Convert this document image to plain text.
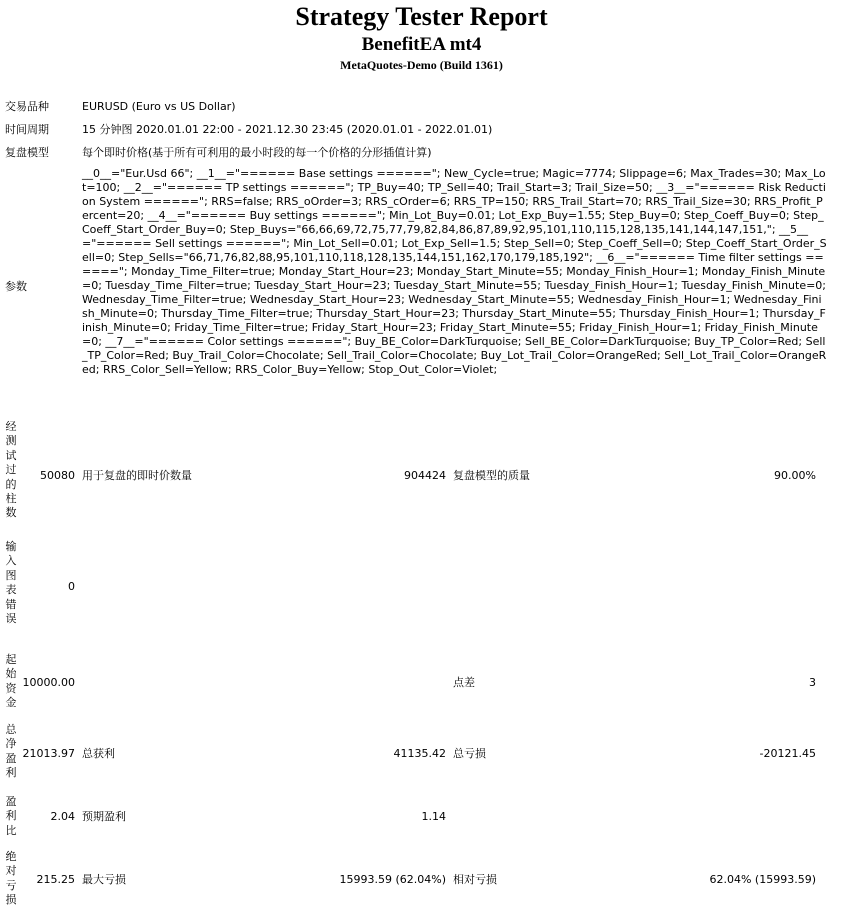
Strategy Tester Report
BenefitEA mt4
MetaQuotes-Demo (Build 1361)
交易品种	EURUSD (Euro vs US Dollar)
时间周期	15 分钟图 2020.01.01 22:00 - 2021.12.30 23:45 (2020.01.01 - 2022.01.01)
复盘模型	每个即时价格(基于所有可利用的最小时段的每一个价格的分形插值计算)
参数
__0__="Eur.Usd 66"; __1__="====== Base settings ======"; New_Cycle=true; Magic=7774; Slippage=6; Max_Trades=30; Max_Lot=100; __2__="====== TP settings ======"; TP_Buy=40; TP_Sell=40; Trail_Start=3; Trail_Size=50; __3__="====== Risk Reduction System ======"; RRS=false; RRS_oOrder=3; RRS_cOrder=6; RRS_TP=150; RRS_Trail_Start=70; RRS_Trail_Size=30; RRS_Profit_Percent=20; __4__="====== Buy settings ======"; Min_Lot_Buy=0.01; Lot_Exp_Buy=1.55; Step_Buy=0; Step_Coeff_Buy=0; Step_Coeff_Start_Order_Buy=0; Step_Buys="66,66,69,72,75,77,79,82,84,86,87,89,92,95,101,110,115,128,135,141,144,147,151,"; __5__="====== Sell settings ======"; Min_Lot_Sell=0.01; Lot_Exp_Sell=1.5; Step_Sell=0; Step_Coeff_Sell=0; Step_Coeff_Start_Order_Sell=0; Step_Sells="66,71,76,82,88,95,101,110,118,128,135,144,151,162,170,179,185,192"; __6__="====== Time filter settings ======"; Monday_Time_Filter=true; Monday_Start_Hour=23; Monday_Start_Minute=55; Monday_Finish_Hour=1; Monday_Finish_Minute=0; Tuesday_Time_Filter=true; Tuesday_Start_Hour=23; Tuesday_Start_Minute=55; Tuesday_Finish_Hour=1; Tuesday_Finish_Minute=0; Wednesday_Time_Filter=true; Wednesday_Start_Hour=23; Wednesday_Start_Minute=55; Wednesday_Finish_Hour=1; Wednesday_Finish_Minute=0; Thursday_Time_Filter=true; Thursday_Start_Hour=23; Thursday_Start_Minute=55; Thursday_Finish_Hour=1; Thursday_Finish_Minute=0; Friday_Time_Filter=true; Friday_Start_Hour=23; Friday_Start_Minute=55; Friday_Finish_Hour=1; Friday_Finish_Minute=0; __7__="====== Color settings ======"; Buy_BE_Color=DarkTurquoise; Sell_BE_Color=DarkTurquoise; Buy_TP_Color=Red; Sell_TP_Color=Red; Buy_Trail_Color=Chocolate; Sell_Trail_Color=Chocolate; Buy_Lot_Trail_Color=OrangeRed; Sell_Lot_Trail_Color=OrangeRed; RRS_Color_Sell=Yellow; RRS_Color_Buy=Yellow; Stop_Out_Color=Violet;
经测试过的柱数
50080 用于复盘的即时价数量	904424 复盘模型的质量	90.00%
输入图表错误
0
起始资金
10000.00	点差	3
总净盈利
21013.97 总获利	41135.42 总亏损	-20121.45
盈利比
2.04 预期盈利	1.14
绝对亏损
215.25 最大亏损	15993.59 (62.04%) 相对亏损	62.04% (15993.59)
